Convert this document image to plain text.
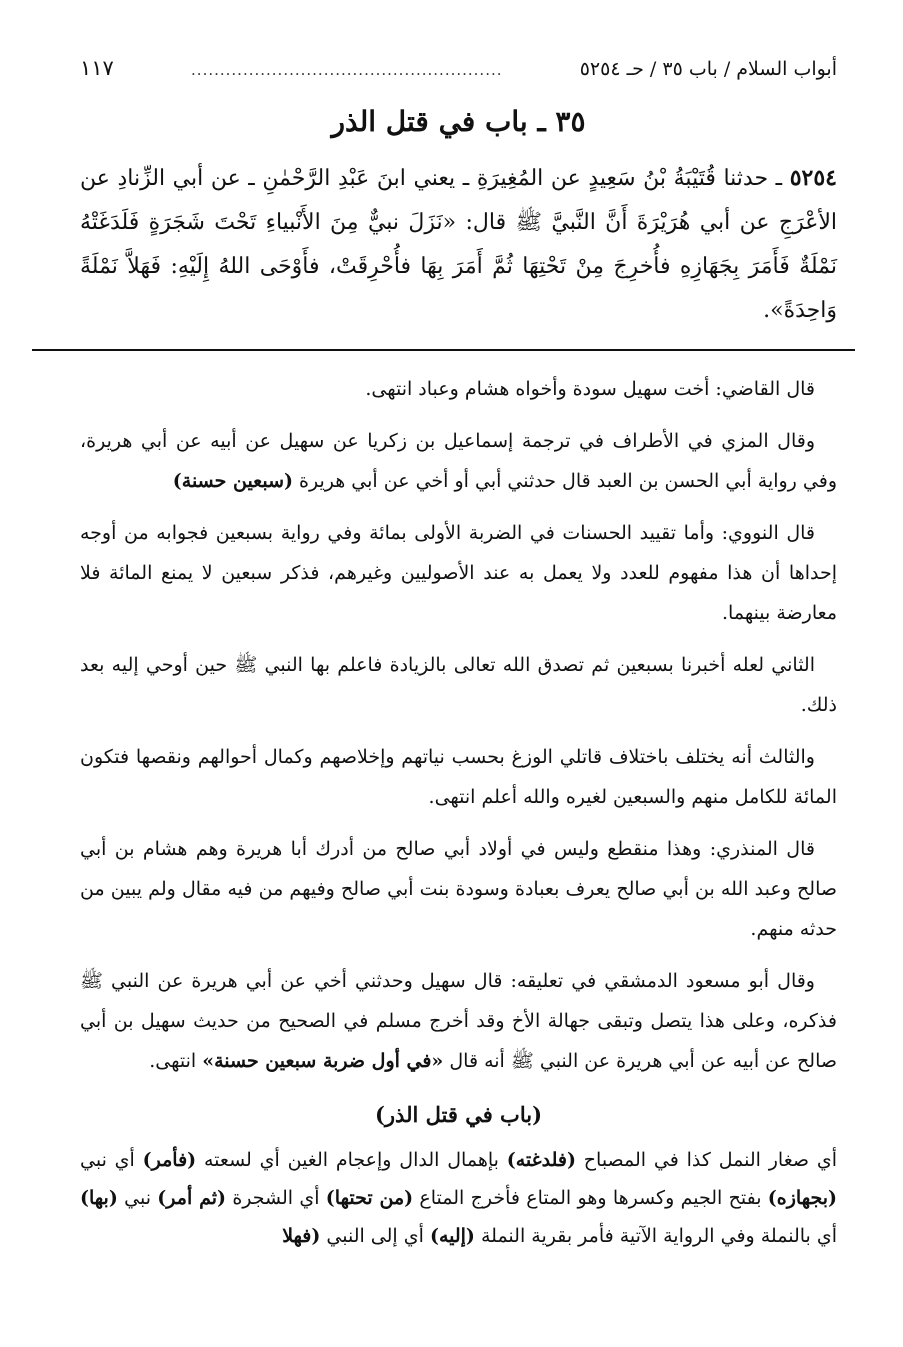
أبواب السلام / باب ٣٥ / حـ ٥٢٥٤
......................................................
١١٧
٣٥ ـ باب في قتل الذر

٥٢٥٤ ـ حدثنا قُتَيْبَةُ بْنُ سَعِيدٍ عن المُغِيرَةِ ـ يعني ابنَ عَبْدِ الرَّحْمٰنِ ـ عن أبي الزِّنادِ عن الأعْرَجِ عن أبي هُرَيْرَةَ أَنَّ النَّبيَّ ﷺ قال: «نَزَلَ نبيٌّ مِنَ الأَنْبياءِ تَحْتَ شَجَرَةٍ فَلَدَغَتْهُ نَمْلَةٌ فَأَمَرَ بِجَهَازِهِ فأُخرِجَ مِنْ تَحْتِهَا ثُمَّ أَمَرَ بِهَا فأُحْرِقَتْ، فأَوْحَى اللهُ إِلَيْهِ: فَهَلاَّ نَمْلَةً وَاحِدَةً».

قال القاضي: أخت سهيل سودة وأخواه هشام وعباد انتهى.

وقال المزي في الأطراف في ترجمة إسماعيل بن زكريا عن سهيل عن أبيه عن أبي هريرة، وفي رواية أبي الحسن بن العبد قال حدثني أبي أو أخي عن أبي هريرة (سبعين حسنة)

قال النووي: وأما تقييد الحسنات في الضربة الأولى بمائة وفي رواية بسبعين فجوابه من أوجه إحداها أن هذا مفهوم للعدد ولا يعمل به عند الأصوليين وغيرهم، فذكر سبعين لا يمنع المائة فلا معارضة بينهما.

الثاني لعله أخبرنا بسبعين ثم تصدق الله تعالى بالزيادة فاعلم بها النبي ﷺ حين أوحي إليه بعد ذلك.

والثالث أنه يختلف باختلاف قاتلي الوزغ بحسب نياتهم وإخلاصهم وكمال أحوالهم ونقصها فتكون المائة للكامل منهم والسبعين لغيره والله أعلم انتهى.

قال المنذري: وهذا منقطع وليس في أولاد أبي صالح من أدرك أبا هريرة وهم هشام بن أبي صالح وعبد الله بن أبي صالح يعرف بعبادة وسودة بنت أبي صالح وفيهم من فيه مقال ولم يبين من حدثه منهم.

وقال أبو مسعود الدمشقي في تعليقه: قال سهيل وحدثني أخي عن أبي هريرة عن النبي ﷺ فذكره، وعلى هذا يتصل وتبقى جهالة الأخ وقد أخرج مسلم في الصحيح من حديث سهيل بن أبي صالح عن أبيه عن أبي هريرة عن النبي ﷺ أنه قال «في أول ضربة سبعين حسنة» انتهى.

(باب في قتل الذر)

أي صغار النمل كذا في المصباح (فلدغته) بإهمال الدال وإعجام الغين أي لسعته (فأمر) أي نبي (بجهازه) بفتح الجيم وكسرها وهو المتاع فأخرج المتاع (من تحتها) أي الشجرة (ثم أمر) نبي (بها) أي بالنملة وفي الرواية الآتية فأمر بقرية النملة (إليه) أي إلى النبي (فهلا
